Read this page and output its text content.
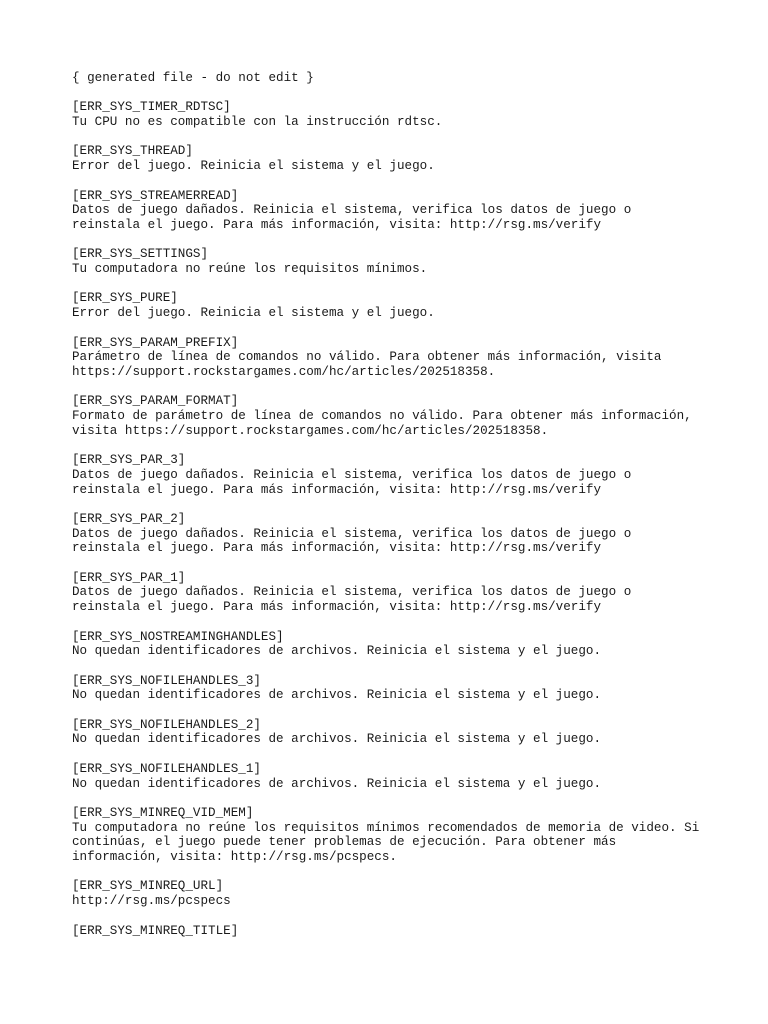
{ generated file - do not edit }
[ERR_SYS_TIMER_RDTSC]
Tu CPU no es compatible con la instrucción rdtsc.
[ERR_SYS_THREAD]
Error del juego. Reinicia el sistema y el juego.
[ERR_SYS_STREAMERREAD]
Datos de juego dañados. Reinicia el sistema, verifica los datos de juego o
reinstala el juego. Para más información, visita: http://rsg.ms/verify
[ERR_SYS_SETTINGS]
Tu computadora no reúne los requisitos mínimos.
[ERR_SYS_PURE]
Error del juego. Reinicia el sistema y el juego.
[ERR_SYS_PARAM_PREFIX]
Parámetro de línea de comandos no válido. Para obtener más información, visita
https://support.rockstargames.com/hc/articles/202518358.
[ERR_SYS_PARAM_FORMAT]
Formato de parámetro de línea de comandos no válido. Para obtener más información,
visita https://support.rockstargames.com/hc/articles/202518358.
[ERR_SYS_PAR_3]
Datos de juego dañados. Reinicia el sistema, verifica los datos de juego o
reinstala el juego. Para más información, visita: http://rsg.ms/verify
[ERR_SYS_PAR_2]
Datos de juego dañados. Reinicia el sistema, verifica los datos de juego o
reinstala el juego. Para más información, visita: http://rsg.ms/verify
[ERR_SYS_PAR_1]
Datos de juego dañados. Reinicia el sistema, verifica los datos de juego o
reinstala el juego. Para más información, visita: http://rsg.ms/verify
[ERR_SYS_NOSTREAMINGHANDLES]
No quedan identificadores de archivos. Reinicia el sistema y el juego.
[ERR_SYS_NOFILEHANDLES_3]
No quedan identificadores de archivos. Reinicia el sistema y el juego.
[ERR_SYS_NOFILEHANDLES_2]
No quedan identificadores de archivos. Reinicia el sistema y el juego.
[ERR_SYS_NOFILEHANDLES_1]
No quedan identificadores de archivos. Reinicia el sistema y el juego.
[ERR_SYS_MINREQ_VID_MEM]
Tu computadora no reúne los requisitos mínimos recomendados de memoria de video. Si
continúas, el juego puede tener problemas de ejecución. Para obtener más
información, visita: http://rsg.ms/pcspecs.
[ERR_SYS_MINREQ_URL]
http://rsg.ms/pcspecs
[ERR_SYS_MINREQ_TITLE]
